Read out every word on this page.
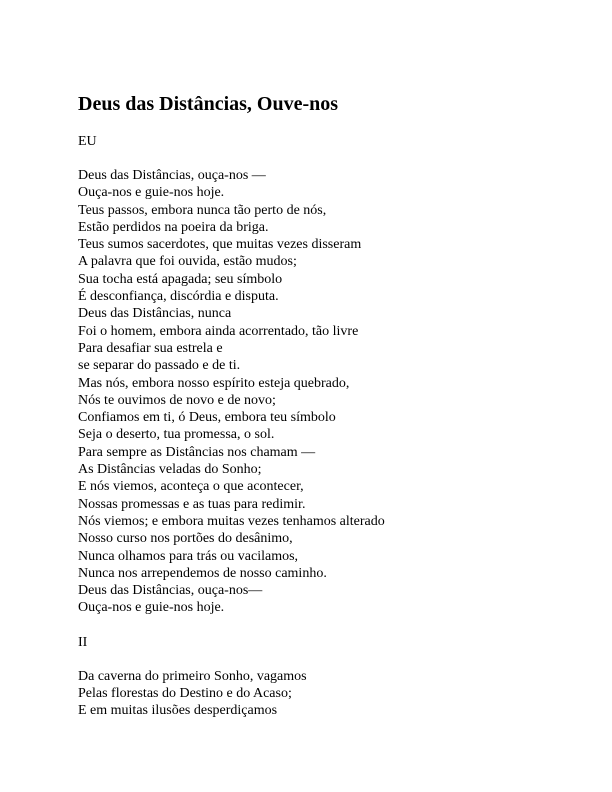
Deus das Distâncias, Ouve-nos
EU
Deus das Distâncias, ouça-nos —
Ouça-nos e guie-nos hoje.
Teus passos, embora nunca tão perto de nós,
Estão perdidos na poeira da briga.
Teus sumos sacerdotes, que muitas vezes disseram
A palavra que foi ouvida, estão mudos;
Sua tocha está apagada; seu símbolo
É desconfiança, discórdia e disputa.
Deus das Distâncias, nunca
Foi o homem, embora ainda acorrentado, tão livre
Para desafiar sua estrela e
se separar do passado e de ti.
Mas nós, embora nosso espírito esteja quebrado,
Nós te ouvimos de novo e de novo;
Confiamos em ti, ó Deus, embora teu símbolo
Seja o deserto, tua promessa, o sol.
Para sempre as Distâncias nos chamam —
As Distâncias veladas do Sonho;
E nós viemos, aconteça o que acontecer,
Nossas promessas e as tuas para redimir.
Nós viemos; e embora muitas vezes tenhamos alterado
Nosso curso nos portões do desânimo,
Nunca olhamos para trás ou vacilamos,
Nunca nos arrependemos de nosso caminho.
Deus das Distâncias, ouça-nos—
Ouça-nos e guie-nos hoje.
II
Da caverna do primeiro Sonho, vagamos
Pelas florestas do Destino e do Acaso;
E em muitas ilusões desperdiçamos
